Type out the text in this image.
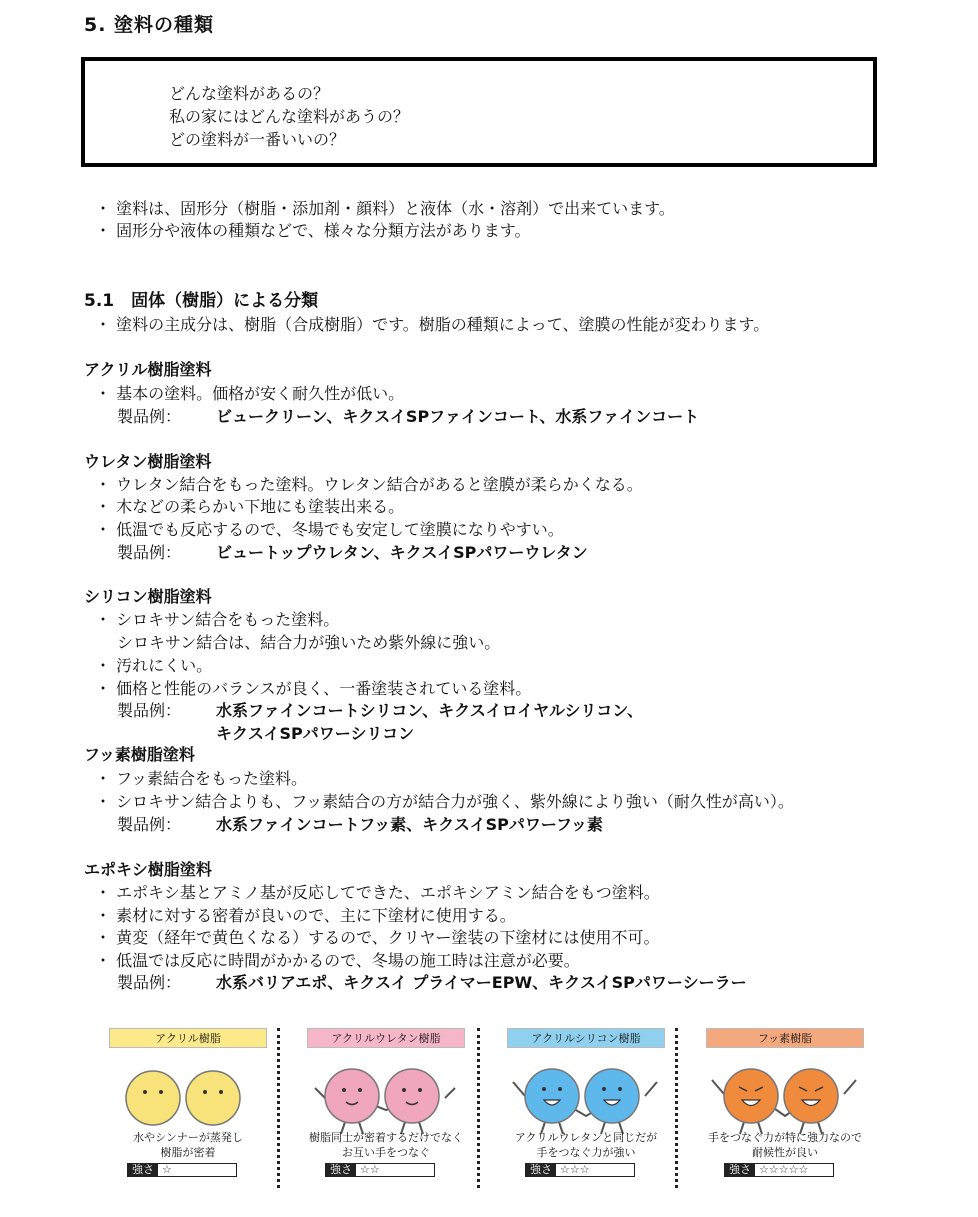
5. 塗料の種類
どんな塗料があるの？
私の家にはどんな塗料があうの？
どの塗料が一番いいの？
・ 塗料は、固形分（樹脂・添加剤・顔料）と液体（水・溶剤）で出来ています。
・ 固形分や液体の種類などで、様々な分類方法があります。
5.1　固体（樹脂）による分類
・ 塗料の主成分は、樹脂（合成樹脂）です。樹脂の種類によって、塗膜の性能が変わります。
アクリル樹脂塗料
・ 基本の塗料。価格が安く耐久性が低い。
製品例： ビュークリーン、キクスイSPファインコート、水系ファインコート
ウレタン樹脂塗料
・ ウレタン結合をもった塗料。ウレタン結合があると塗膜が柔らかくなる。
・ 木などの柔らかい下地にも塗装出来る。
・ 低温でも反応するので、冬場でも安定して塗膜になりやすい。
製品例： ビュートップウレタン、キクスイSPパワーウレタン
シリコン樹脂塗料
・ シロキサン結合をもった塗料。
シロキサン結合は、結合力が強いため紫外線に強い。
・ 汚れにくい。
・ 価格と性能のバランスが良く、一番塗装されている塗料。
製品例： 水系ファインコートシリコン、キクスイロイヤルシリコン、
キクスイSPパワーシリコン
フッ素樹脂塗料
・ フッ素結合をもった塗料。
・ シロキサン結合よりも、フッ素結合の方が結合力が強く、紫外線により強い（耐久性が高い）。
製品例： 水系ファインコートフッ素、キクスイSPパワーフッ素
エポキシ樹脂塗料
・ エポキシ基とアミノ基が反応してできた、エポキシアミン結合をもつ塗料。
・ 素材に対する密着が良いので、主に下塗材に使用する。
・ 黄変（経年で黄色くなる）するので、クリヤー塗装の下塗材には使用不可。
・ 低温では反応に時間がかかるので、冬場の施工時は注意が必要。
製品例： 水系バリアエポ、キクスイ プライマーEPW、キクスイSPパワーシーラー
アクリル樹脂
水やシンナーが蒸発し
樹脂が密着
強さ ☆
アクリルウレタン樹脂
樹脂同士が密着するだけでなく
お互い手をつなぐ
強さ ☆☆
アクリルシリコン樹脂
アクリルウレタンと同じだが
手をつなぐ力が強い
強さ ☆☆☆
フッ素樹脂
手をつなぐ力が特に強力なので
耐候性が良い
強さ ☆☆☆☆☆
